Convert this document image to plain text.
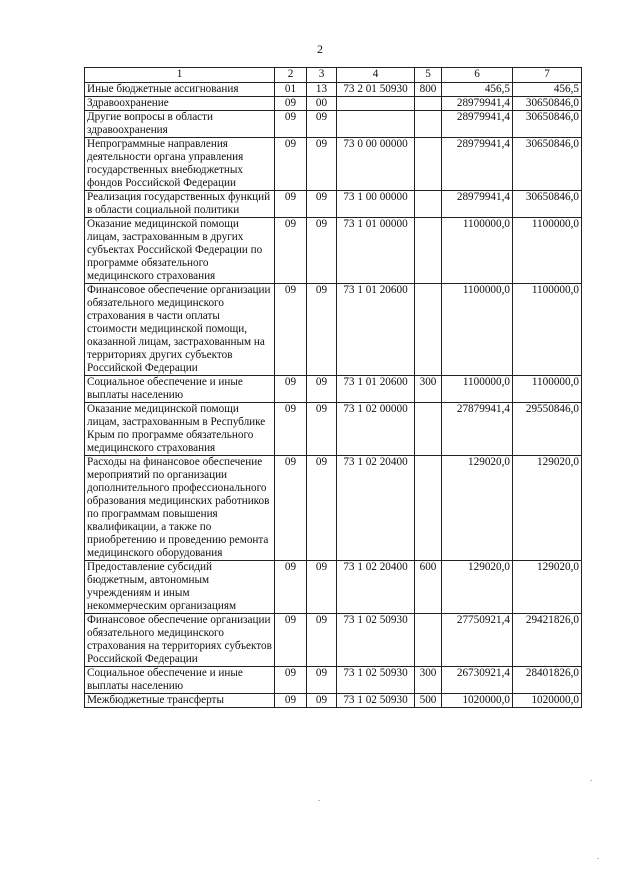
2
1	2	3	4	5	6	7
Иные бюджетные ассигнования	01	13	73 2 01 50930	800	456,5	456,5
Здравоохранение	09	00			28979941,4	30650846,0
Другие вопросы в области здравоохранения	09	09			28979941,4	30650846,0
Непрограммные направления деятельности органа управления государственных внебюджетных фондов Российской Федерации	09	09	73 0 00 00000		28979941,4	30650846,0
Реализация государственных функций в области социальной политики	09	09	73 1 00 00000		28979941,4	30650846,0
Оказание медицинской помощи лицам, застрахованным в других субъектах Российской Федерации по программе обязательного медицинского страхования	09	09	73 1 01 00000		1100000,0	1100000,0
Финансовое обеспечение организации обязательного медицинского страхования в части оплаты стоимости медицинской помощи, оказанной лицам, застрахованным на территориях других субъектов Российской Федерации	09	09	73 1 01 20600		1100000,0	1100000,0
Социальное обеспечение и иные выплаты населению	09	09	73 1 01 20600	300	1100000,0	1100000,0
Оказание медицинской помощи лицам, застрахованным в Республике Крым по программе обязательного медицинского страхования	09	09	73 1 02 00000		27879941,4	29550846,0
Расходы на финансовое обеспечение мероприятий по организации дополнительного профессионального образования медицинских работников по программам повышения квалификации, а также по приобретению и проведению ремонта медицинского оборудования	09	09	73 1 02 20400		129020,0	129020,0
Предоставление субсидий бюджетным, автономным учреждениям и иным некоммерческим организациям	09	09	73 1 02 20400	600	129020,0	129020,0
Финансовое обеспечение организации обязательного медицинского страхования на территориях субъектов Российской Федерации	09	09	73 1 02 50930		27750921,4	29421826,0
Социальное обеспечение и иные выплаты населению	09	09	73 1 02 50930	300	26730921,4	28401826,0
Межбюджетные трансферты	09	09	73 1 02 50930	500	1020000,0	1020000,0
